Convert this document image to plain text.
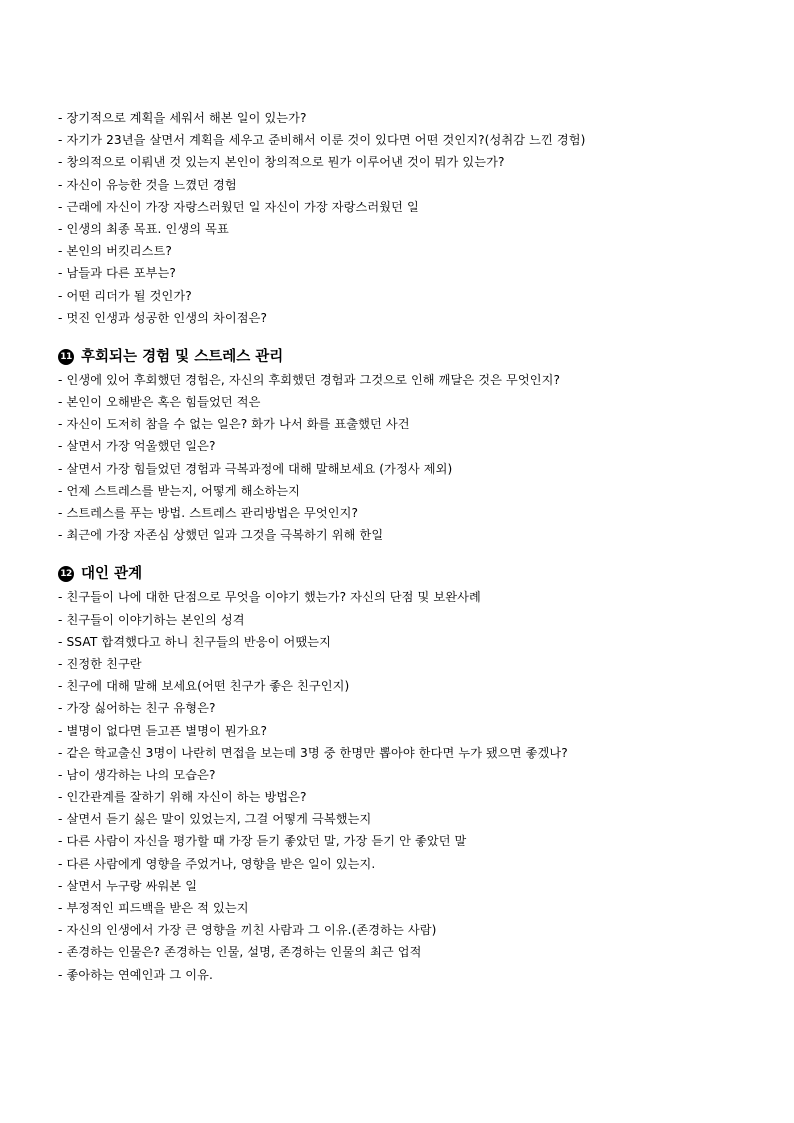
- 장기적으로 계획을 세워서 해본 일이 있는가?
- 자기가 23년을 살면서 계획을 세우고 준비해서 이룬 것이 있다면 어떤 것인지?(성취감 느낀 경험)
- 창의적으로 이뤄낸 것 있는지 본인이 창의적으로 뭔가 이루어낸 것이 뭐가 있는가?
- 자신이 유능한 것을 느꼈던 경험
- 근래에 자신이 가장 자랑스러웠던 일 자신이 가장 자랑스러웠던 일
- 인생의 최종 목표. 인생의 목표
- 본인의 버킷리스트?
- 남들과 다른 포부는?
- 어떤 리더가 될 것인가?
- 멋진 인생과 성공한 인생의 차이점은?
11 후회되는 경험 및 스트레스 관리
- 인생에 있어 후회했던 경험은, 자신의 후회했던 경험과 그것으로 인해 깨달은 것은 무엇인지?
- 본인이 오해받은 혹은 힘들었던 적은
- 자신이 도저히 참을 수 없는 일은? 화가 나서 화를 표출했던 사건
- 살면서 가장 억울했던 일은?
- 살면서 가장 힘들었던 경험과 극복과정에 대해 말해보세요 (가정사 제외)
- 언제 스트레스를 받는지, 어떻게 해소하는지
- 스트레스를 푸는 방법. 스트레스 관리방법은 무엇인지?
- 최근에 가장 자존심 상했던 일과 그것을 극복하기 위해 한일
12 대인 관계
- 친구들이 나에 대한 단점으로 무엇을 이야기 했는가? 자신의 단점 및 보완사례
- 친구들이 이야기하는 본인의 성격
- SSAT 합격했다고 하니 친구들의 반응이 어땠는지
- 진정한 친구란
- 친구에 대해 말해 보세요(어떤 친구가 좋은 친구인지)
- 가장 싫어하는 친구 유형은?
- 별명이 없다면 듣고픈 별명이 뭔가요?
- 같은 학교출신 3명이 나란히 면접을 보는데 3명 중 한명만 뽑아야 한다면 누가 됐으면 좋겠나?
- 남이 생각하는 나의 모습은?
- 인간관계를 잘하기 위해 자신이 하는 방법은?
- 살면서 듣기 싫은 말이 있었는지, 그걸 어떻게 극복했는지
- 다른 사람이 자신을 평가할 때 가장 듣기 좋았던 말, 가장 듣기 안 좋았던 말
- 다른 사람에게 영향을 주었거나, 영향을 받은 일이 있는지.
- 살면서 누구랑 싸워본 일
- 부정적인 피드백을 받은 적 있는지
- 자신의 인생에서 가장 큰 영향을 끼친 사람과 그 이유.(존경하는 사람)
- 존경하는 인물은? 존경하는 인물, 설명, 존경하는 인물의 최근 업적
- 좋아하는 연예인과 그 이유.
